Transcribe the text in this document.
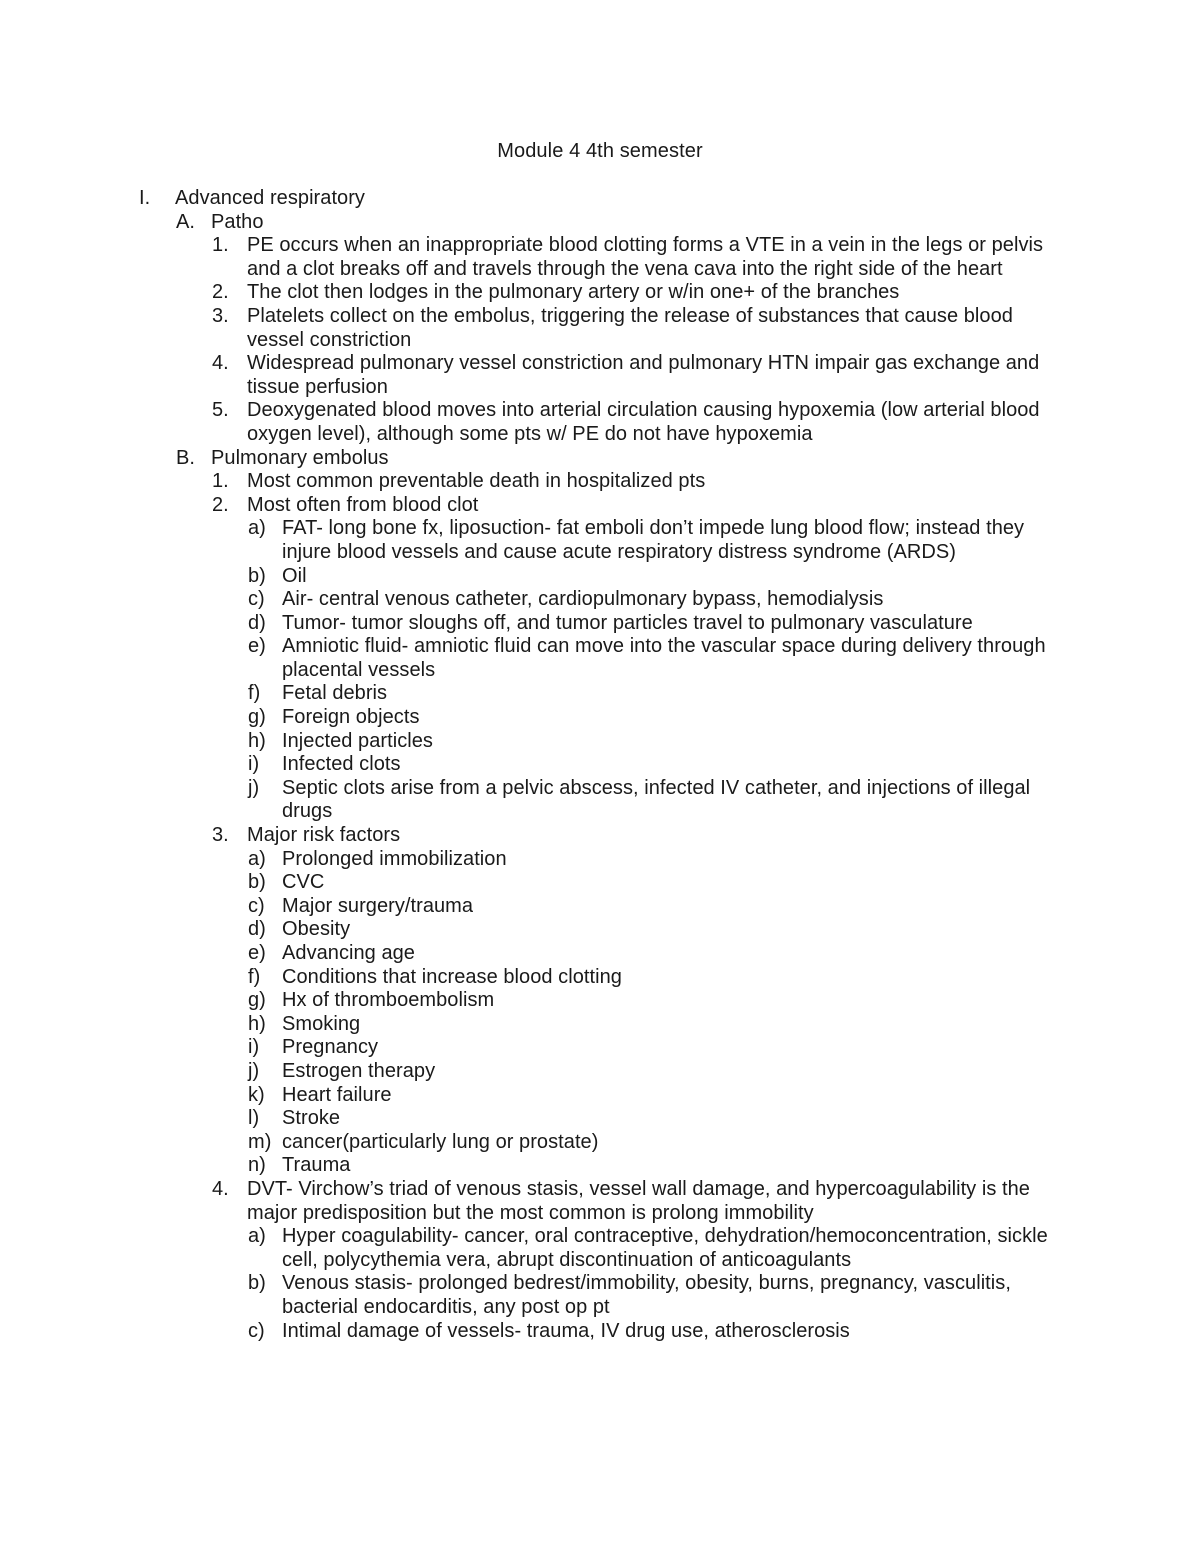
Module 4 4th semester
I. Advanced respiratory
A. Patho
1. PE occurs when an inappropriate blood clotting forms a VTE in a vein in the legs or pelvis and a clot breaks off and travels through the vena cava into the right side of the heart
2. The clot then lodges in the pulmonary artery or w/in one+ of the branches
3. Platelets collect on the embolus, triggering the release of substances that cause blood vessel constriction
4. Widespread pulmonary vessel constriction and pulmonary HTN impair gas exchange and tissue perfusion
5. Deoxygenated blood moves into arterial circulation causing hypoxemia (low arterial blood oxygen level), although some pts w/ PE do not have hypoxemia
B. Pulmonary embolus
1. Most common preventable death in hospitalized pts
2. Most often from blood clot
a) FAT- long bone fx, liposuction- fat emboli don’t impede lung blood flow; instead they injure blood vessels and cause acute respiratory distress syndrome (ARDS)
b) Oil
c) Air- central venous catheter, cardiopulmonary bypass, hemodialysis
d) Tumor- tumor sloughs off, and tumor particles travel to pulmonary vasculature
e) Amniotic fluid- amniotic fluid can move into the vascular space during delivery through placental vessels
f) Fetal debris
g) Foreign objects
h) Injected particles
i) Infected clots
j) Septic clots arise from a pelvic abscess, infected IV catheter, and injections of illegal drugs
3. Major risk factors
a) Prolonged immobilization
b) CVC
c) Major surgery/trauma
d) Obesity
e) Advancing age
f) Conditions that increase blood clotting
g) Hx of thromboembolism
h) Smoking
i) Pregnancy
j) Estrogen therapy
k) Heart failure
l) Stroke
m) cancer(particularly lung or prostate)
n) Trauma
4. DVT- Virchow’s triad of venous stasis, vessel wall damage, and hypercoagulability is the major predisposition but the most common is prolong immobility
a) Hyper coagulability- cancer, oral contraceptive, dehydration/hemoconcentration, sickle cell, polycythemia vera, abrupt discontinuation of anticoagulants
b) Venous stasis- prolonged bedrest/immobility, obesity, burns, pregnancy, vasculitis, bacterial endocarditis, any post op pt
c) Intimal damage of vessels- trauma, IV drug use, atherosclerosis
